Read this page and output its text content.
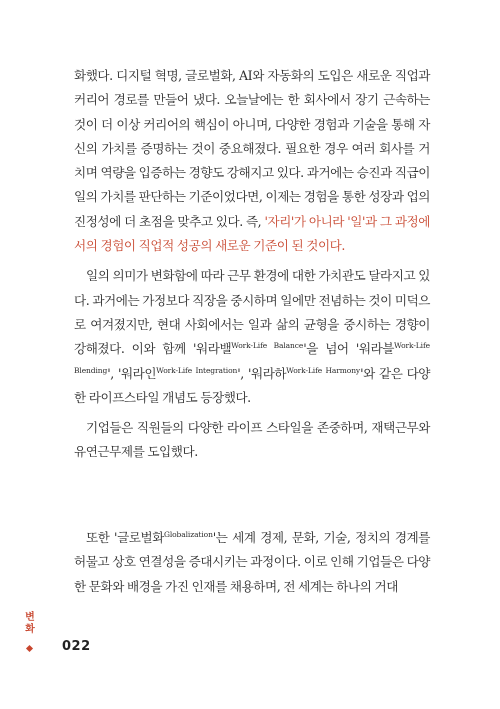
화했다. 디지털 혁명, 글로벌화, AI와 자동화의 도입은 새로운 직업과 커리어 경로를 만들어 냈다. 오늘날에는 한 회사에서 장기 근속하는 것이 더 이상 커리어의 핵심이 아니며, 다양한 경험과 기술을 통해 자신의 가치를 증명하는 것이 중요해졌다. 필요한 경우 여러 회사를 거치며 역량을 입증하는 경향도 강해지고 있다. 과거에는 승진과 직급이 일의 가치를 판단하는 기준이었다면, 이제는 경험을 통한 성장과 업의 진정성에 더 초점을 맞추고 있다. 즉, '자리'가 아니라 '일'과 그 과정에서의 경험이 직업적 성공의 새로운 기준이 된 것이다.

일의 의미가 변화함에 따라 근무 환경에 대한 가치관도 달라지고 있다. 과거에는 가정보다 직장을 중시하며 일에만 전념하는 것이 미덕으로 여겨졌지만, 현대 사회에서는 일과 삶의 균형을 중시하는 경향이 강해졌다. 이와 함께 '워라밸$^{Work-Life Balance}$'을 넘어 '워라블$^{Work-Life Blending}$', '워라인$^{Work-Life Integration}$', '워라하$^{Work-Life Harmony}$'와 같은 다양한 라이프스타일 개념도 등장했다.

기업들은 직원들의 다양한 라이프 스타일을 존중하며, 재택근무와 유연근무제를 도입했다.

또한 '글로벌화$^{Globalization}$'는 세계 경제, 문화, 기술, 정치의 경계를 허물고 상호 연결성을 증대시키는 과정이다. 이로 인해 기업들은 다양한 문화와 배경을 가진 인재를 채용하며, 전 세계는 하나의 거대

변화
022
